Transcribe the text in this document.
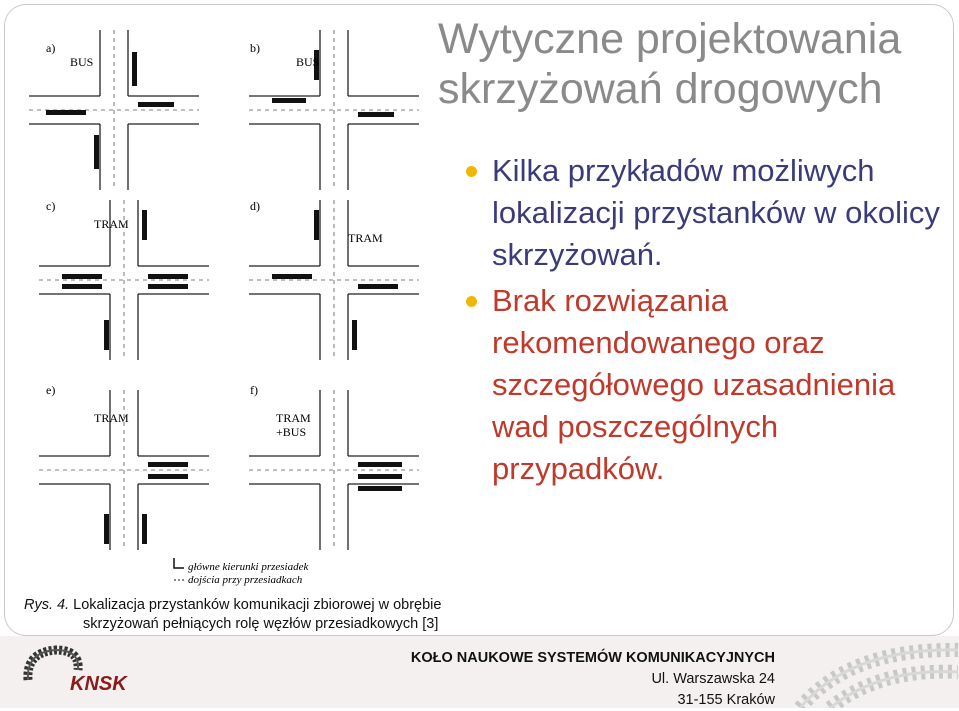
a)
BUS
b)
BUS
c)
TRAM
d)
TRAM
e)
TRAM
f)
TRAM
+BUS
główne kierunki przesiadek
dojścia przy przesiadkach
Wytyczne projektowania
skrzyżowań drogowych
Kilka przykładów możliwych lokalizacji przystanków w okolicy skrzyżowań.
Brak rozwiązania rekomendowanego oraz szczegółowego uzasadnienia wad poszczególnych przypadków.
Rys. 4. Lokalizacja przystanków komunikacji zbiorowej w obrębie
skrzyżowań pełniących rolę węzłów przesiadkowych [3]
KNSK
KOŁO NAUKOWE SYSTEMÓW KOMUNIKACYJNYCH
Ul. Warszawska 24
31-155 Kraków
